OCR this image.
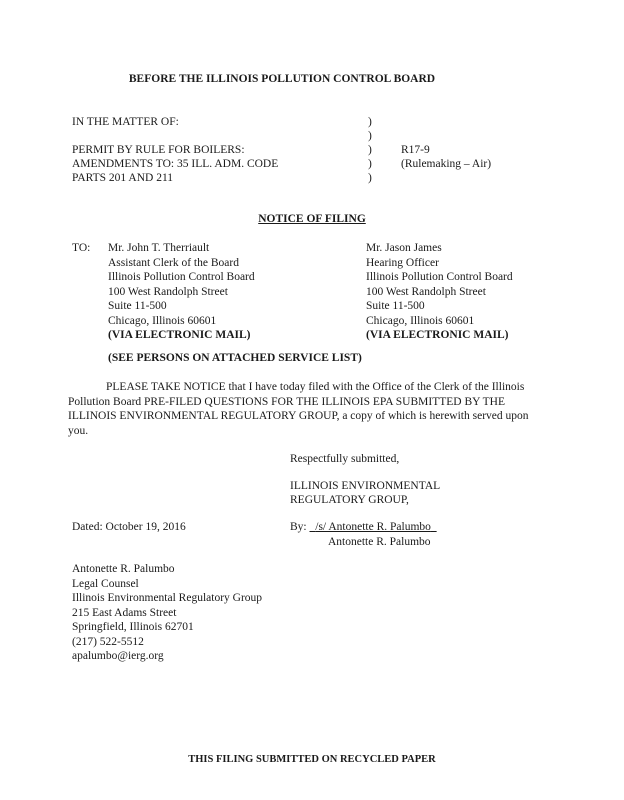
BEFORE THE ILLINOIS POLLUTION CONTROL BOARD
IN THE MATTER OF:
PERMIT BY RULE FOR BOILERS:
AMENDMENTS TO: 35 ILL. ADM. CODE
PARTS 201 AND 211
)
)
)
)
)
R17-9
(Rulemaking – Air)
NOTICE OF FILING
TO: Mr. John T. Therriault
Assistant Clerk of the Board
Illinois Pollution Control Board
100 West Randolph Street
Suite 11-500
Chicago, Illinois 60601
(VIA ELECTRONIC MAIL)
Mr. Jason James
Hearing Officer
Illinois Pollution Control Board
100 West Randolph Street
Suite 11-500
Chicago, Illinois 60601
(VIA ELECTRONIC MAIL)
(SEE PERSONS ON ATTACHED SERVICE LIST)
PLEASE TAKE NOTICE that I have today filed with the Office of the Clerk of the Illinois Pollution Board PRE-FILED QUESTIONS FOR THE ILLINOIS EPA SUBMITTED BY THE ILLINOIS ENVIRONMENTAL REGULATORY GROUP, a copy of which is herewith served upon you.
Respectfully submitted,
ILLINOIS ENVIRONMENTAL
REGULATORY GROUP,
Dated: October 19, 2016	By: /s/ Antonette R. Palumbo
Antonette R. Palumbo
Antonette R. Palumbo
Legal Counsel
Illinois Environmental Regulatory Group
215 East Adams Street
Springfield, Illinois 62701
(217) 522-5512
apalumbo@ierg.org
THIS FILING SUBMITTED ON RECYCLED PAPER
